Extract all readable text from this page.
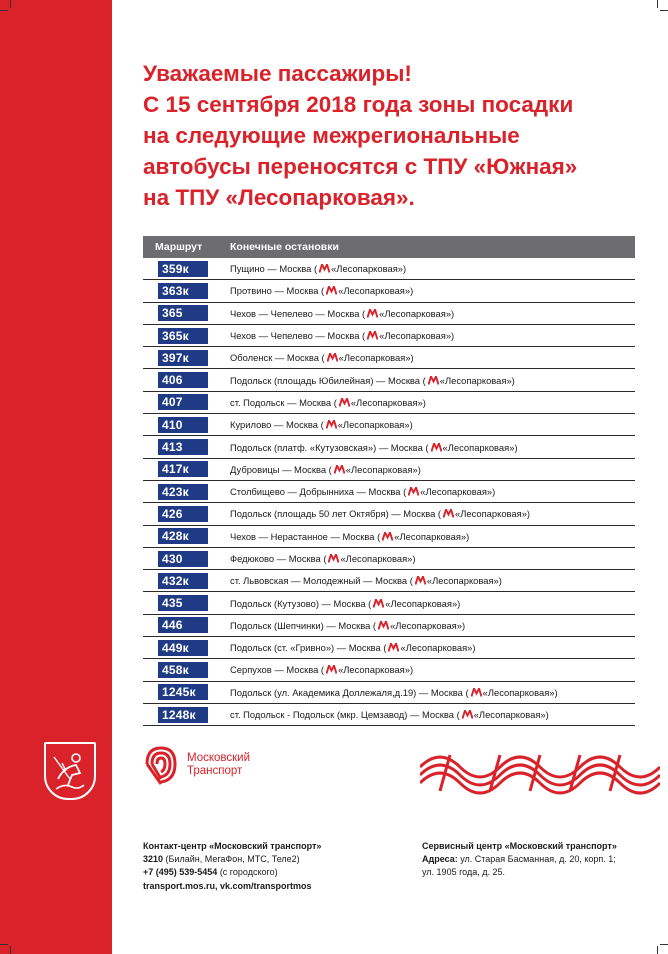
Уважаемые пассажиры!
С 15 сентября 2018 года зоны посадки
на следующие межрегиональные
автобусы переносятся с ТПУ «Южная»
на ТПУ «Лесопарковая».
Маршрут	Конечные остановки
359к	Пущино — Москва ( «Лесопарковая»)
363к	Протвино — Москва ( «Лесопарковая»)
365	Чехов — Чепелево — Москва ( «Лесопарковая»)
365к	Чехов — Чепелево — Москва ( «Лесопарковая»)
397к	Оболенск — Москва ( «Лесопарковая»)
406	Подольск (площадь Юбилейная) — Москва ( «Лесопарковая»)
407	ст. Подольск — Москва ( «Лесопарковая»)
410	Курилово — Москва ( «Лесопарковая»)
413	Подольск (платф. «Кутузовская») — Москва ( «Лесопарковая»)
417к	Дубровицы — Москва ( «Лесопарковая»)
423к	Столбищево — Добрынниха — Москва ( «Лесопарковая»)
426	Подольск (площадь 50 лет Октября) — Москва ( «Лесопарковая»)
428к	Чехов — Нерастанное — Москва ( «Лесопарковая»)
430	Федюково — Москва ( «Лесопарковая»)
432к	ст. Львовская — Молодежный — Москва ( «Лесопарковая»)
435	Подольск (Кутузово) — Москва ( «Лесопарковая»)
446	Подольск (Шепчинки) — Москва ( «Лесопарковая»)
449к	Подольск (ст. «Гривно») — Москва ( «Лесопарковая»)
458к	Серпухов — Москва ( «Лесопарковая»)
1245к	Подольск (ул. Академика Доллежаля,д.19) — Москва ( «Лесопарковая»)
1248к	ст. Подольск - Подольск (мкр. Цемзавод) — Москва ( «Лесопарковая»)
Московский
Транспорт
Контакт-центр «Московский транспорт»
3210 (Билайн, МегаФон, МТС, Теле2)
+7 (495) 539-5454 (с городского)
transport.mos.ru, vk.com/transportmos
Сервисный центр «Московский транспорт»
Адреса: ул. Старая Басманная, д. 20, корп. 1;
ул. 1905 года, д. 25.
